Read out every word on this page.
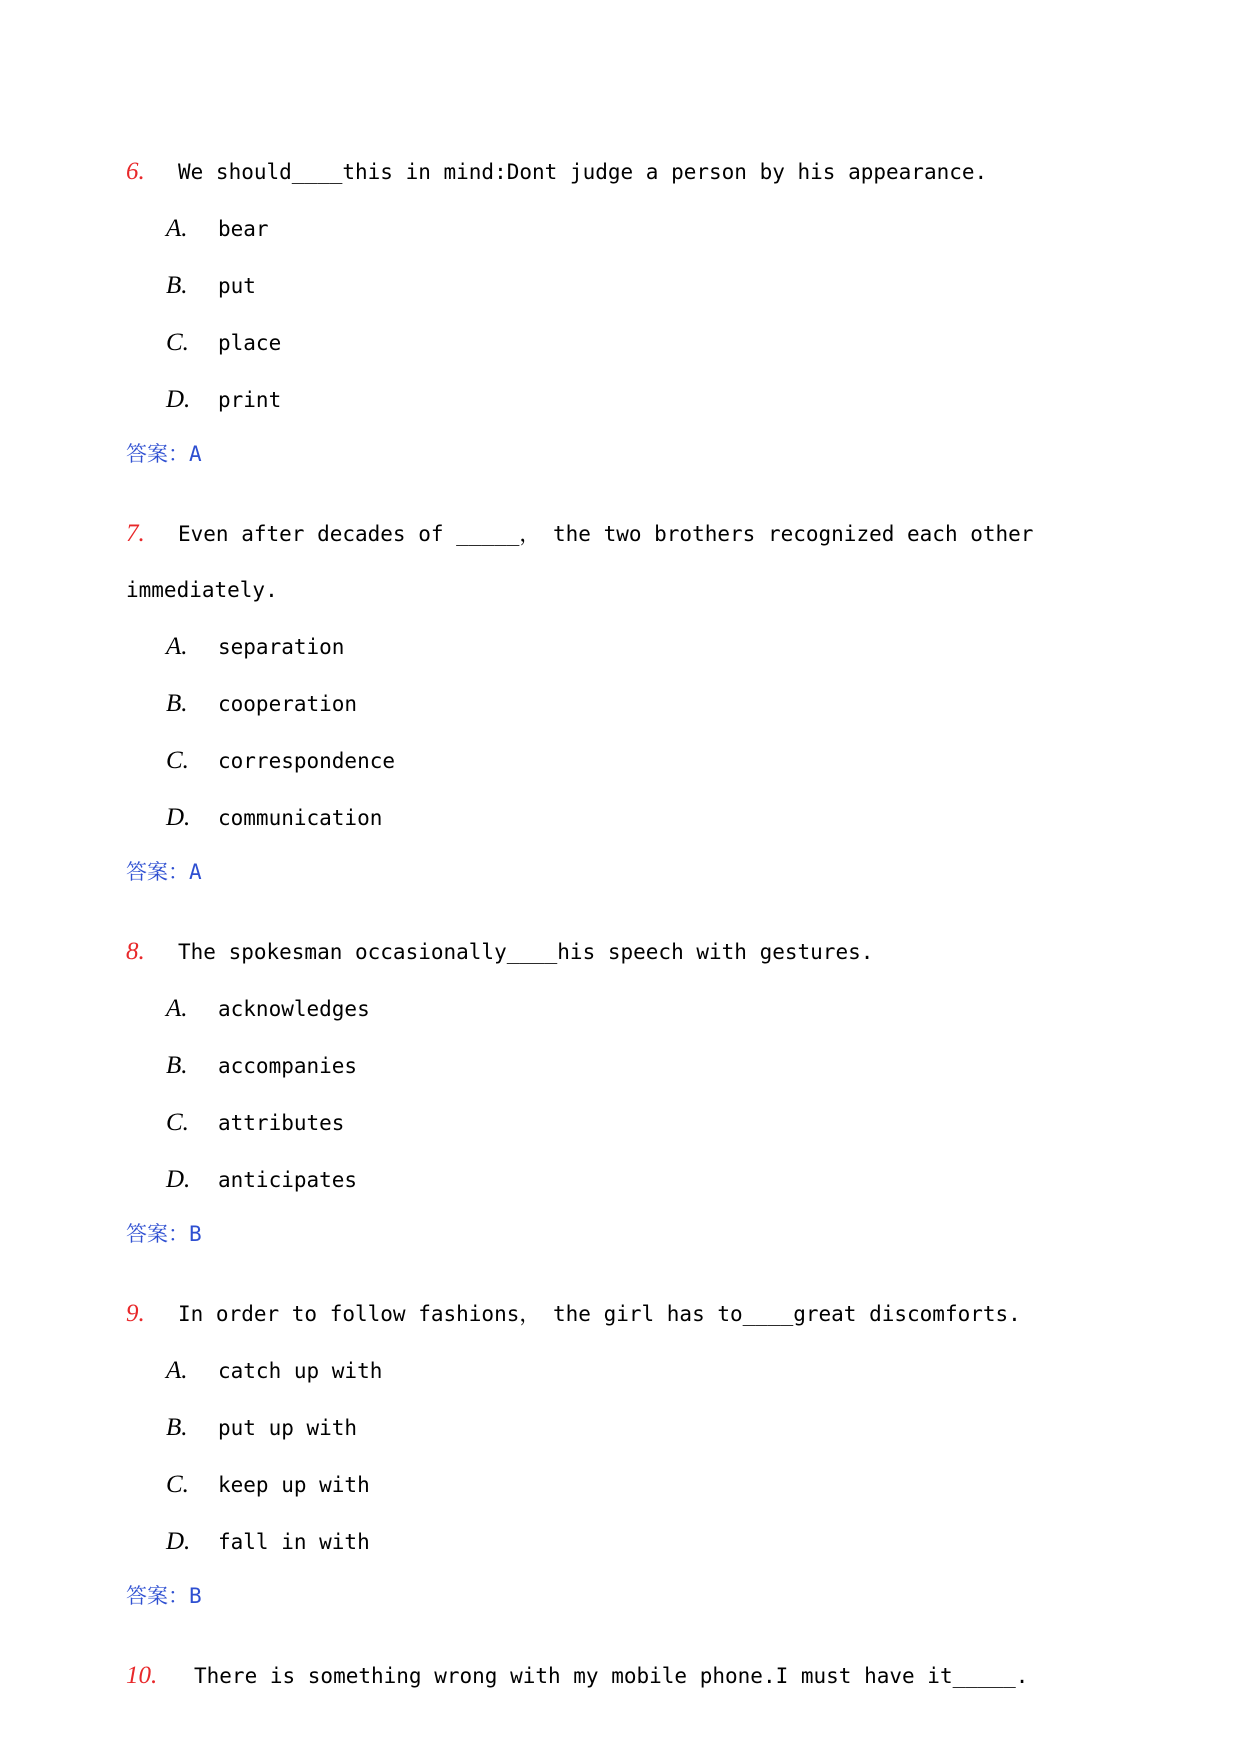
6. We should____this in mind:Dont judge a person by his appearance.
A. bear
B. put
C. place
D. print
答案：A
7. Even after decades of _____， the two brothers recognized each other immediately.
A. separation
B. cooperation
C. correspondence
D. communication
答案：A
8. The spokesman occasionally____his speech with gestures.
A. acknowledges
B. accompanies
C. attributes
D. anticipates
答案：B
9. In order to follow fashions， the girl has to____great discomforts.
A. catch up with
B. put up with
C. keep up with
D. fall in with
答案：B
10. There is something wrong with my mobile phone.I must have it_____.
